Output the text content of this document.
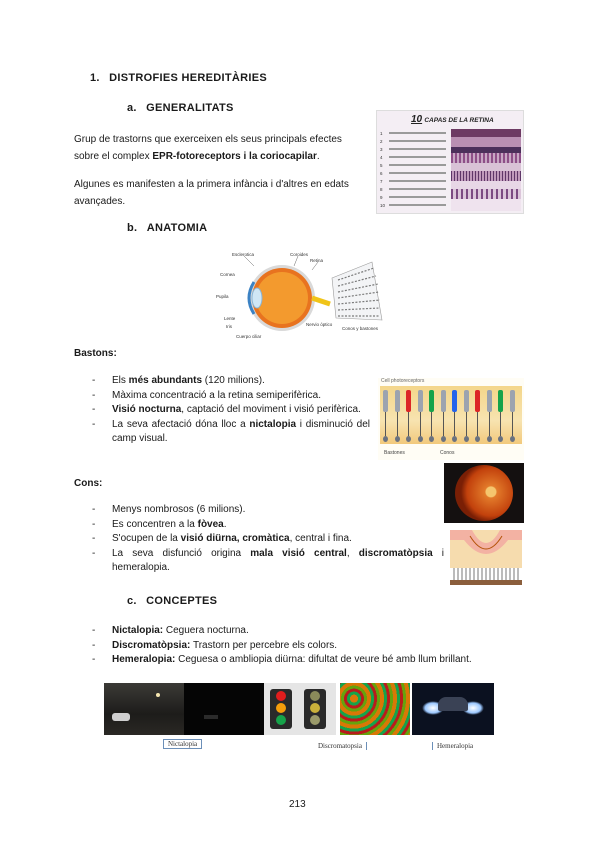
1. DISTROFIES HEREDITÀRIES
a. GENERALITATS
Grup de trastorns que exerceixen els seus principals efectes sobre el complex EPR-fotoreceptors i la coriocapilar.
Algunes es manifesten a la primera infància i d'altres en edats avançades.
10 CAPAS DE LA RETINA
1
2
3
4
5
6
7
8
9
10
b. ANATOMIA
Esclerotica	Coroides
Retina
Cornea
Pupila
Lente
Iris	Nervio óptico
Cuerpo ciliar
Conos y bastones
Bastons:
- Els més abundants (120 milions).
- Màxima concentració a la retina semiperifèrica.
- Visió nocturna, captació del moviment i visió perifèrica.
- La seva afectació dóna lloc a nictalopia i disminució del camp visual.
Cell photoreceptors
Bastones	Conos
Cons:
- Menys nombrosos (6 milions).
- Es concentren a la fòvea.
- S'ocupen de la visió diürna, cromàtica, central i fina.
- La seva disfunció origina mala visió central, discromatòpsia i hemeralopia.
c. CONCEPTES
- Nictalopia: Ceguera nocturna.
- Discromatòpsia: Trastorn per percebre els colors.
- Hemeralopia: Ceguesa o ambliopia diürna: difultat de veure bé amb llum brillant.
Nictalopia	Discromatopsia	Hemeralopia
213
